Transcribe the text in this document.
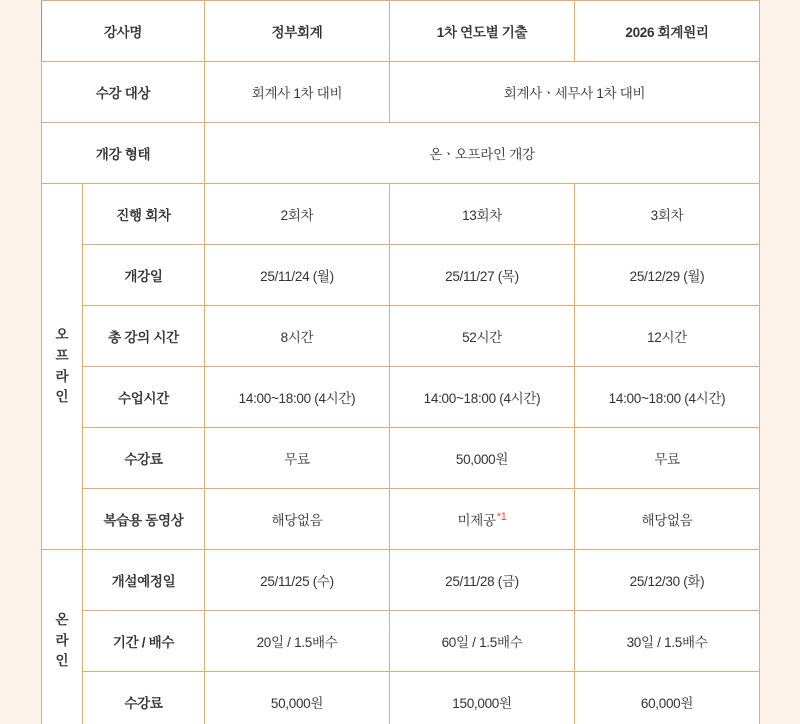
강사명		정부회계	1차 연도별 기출	2026 회계원리
수강 대상		회계사 1차 대비	회계사ㆍ세무사 1차 대비	
개강 형태		온ㆍ오프라인 개강		

오
프
라
인	진행 회차	2회차	13회차	3회차
	개강일	25/11/24 (월)	25/11/27 (목)	25/12/29 (월)
	총 강의 시간	8시간	52시간	12시간
	수업시간	14:00~18:00 (4시간)	14:00~18:00 (4시간)	14:00~18:00 (4시간)
	수강료	무료	50,000원	무료
	복습용 동영상	해당없음	미제공$^{*1}$	해당없음

온
라
인	개설예정일	25/11/25 (수)	25/11/28 (금)	25/12/30 (화)
	기간 / 배수	20일 / 1.5배수	60일 / 1.5배수	30일 / 1.5배수
	수강료	50,000원	150,000원	60,000원
